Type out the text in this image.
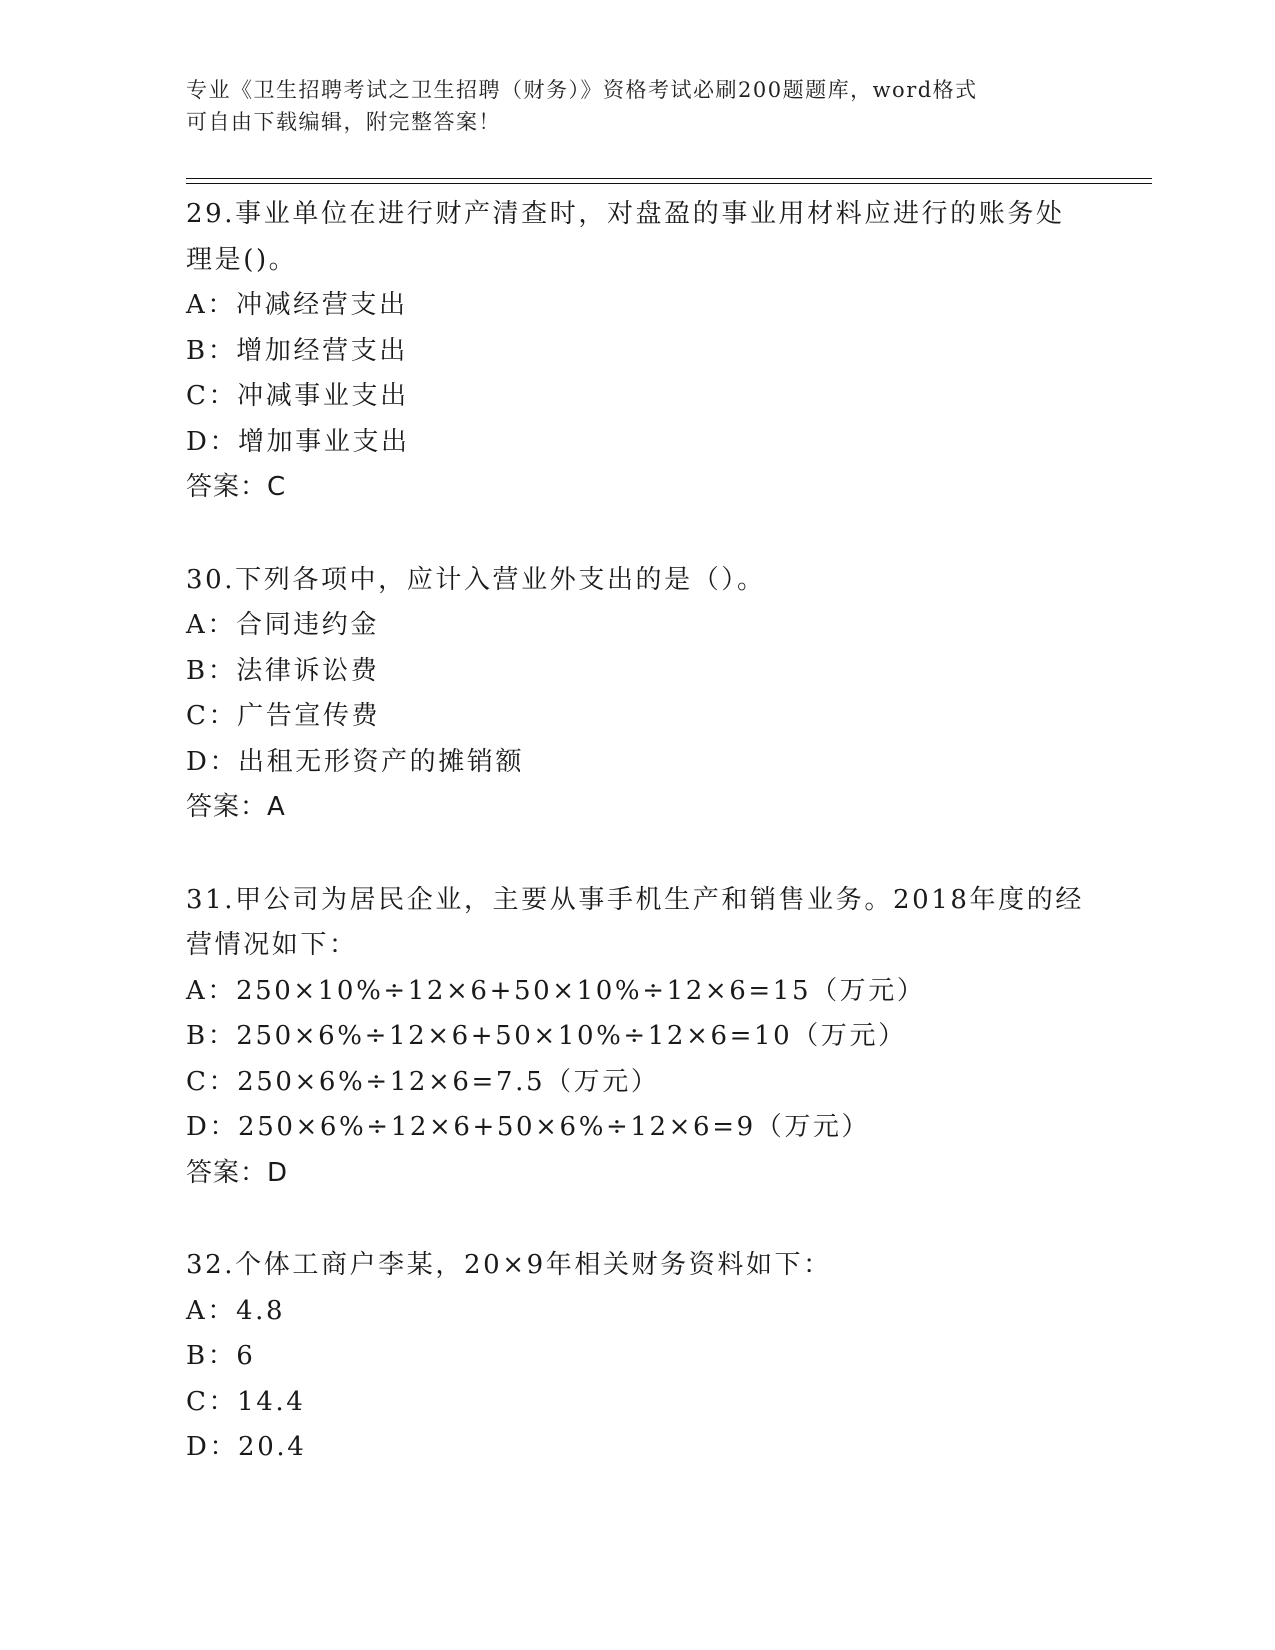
专业《卫生招聘考试之卫生招聘（财务）》资格考试必刷200题题库，word格式
可自由下载编辑，附完整答案！
29.事业单位在进行财产清查时，对盘盈的事业用材料应进行的账务处
理是()。
A：冲减经营支出
B：增加经营支出
C：冲减事业支出
D：增加事业支出
答案：C
30.下列各项中，应计入营业外支出的是（）。
A：合同违约金
B：法律诉讼费
C：广告宣传费
D：出租无形资产的摊销额
答案：A
31.甲公司为居民企业，主要从事手机生产和销售业务。2018年度的经
营情况如下：
A：250×10%÷12×6+50×10%÷12×6=15（万元）
B：250×6%÷12×6+50×10%÷12×6=10（万元）
C：250×6%÷12×6=7.5（万元）
D：250×6%÷12×6+50×6%÷12×6=9（万元）
答案：D
32.个体工商户李某，20×9年相关财务资料如下：
A：4.8
B：6
C：14.4
D：20.4
